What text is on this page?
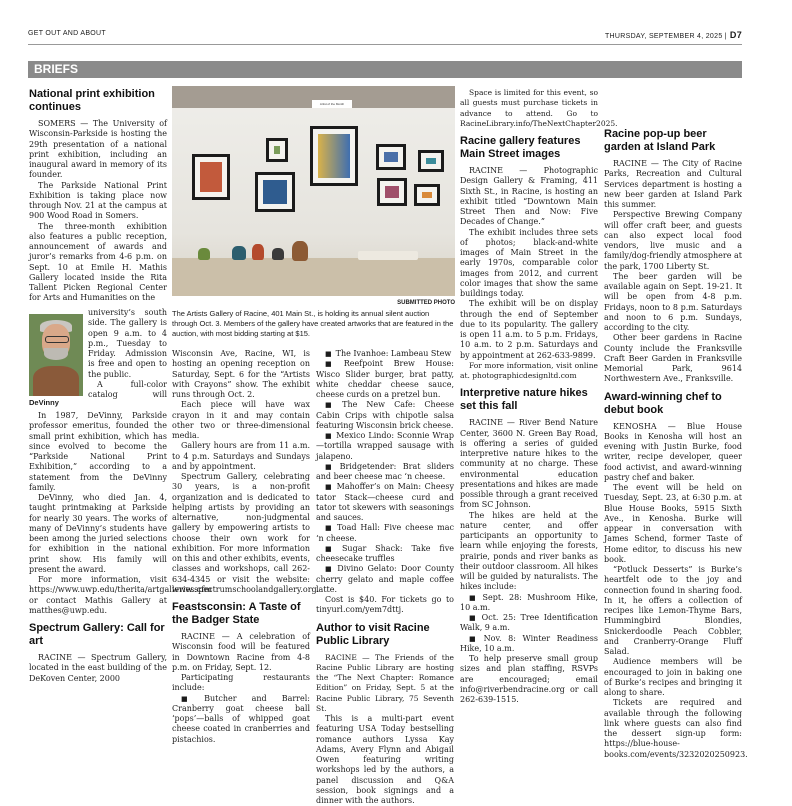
GET OUT AND ABOUT	THURSDAY, SEPTEMBER 4, 2025 | D7
BRIEFS
National print exhibition continues

SOMERS — The University of Wisconsin-Parkside is hosting the 29th presentation of a national print exhibition, including an inaugural award in memory of its founder.

The Parkside National Print Exhibition is taking place now through Nov. 21 at the campus at 900 Wood Road in Somers.

The three-month exhibition also features a public reception, announcement of awards and juror’s remarks from 4-6 p.m. on Sept. 10 at Emile H. Mathis Gallery located inside the Rita Tallent Picken Regional Center for Arts and Humanities on the

university’s south side. The gallery is open 9 a.m. to 4 p.m., Tuesday to Friday. Admission is free and open to the public.

A full-color catalog will

DeVinny

In 1987, DeVinny, Parkside professor emeritus, founded the small print exhibition, which has since evolved to become the “Parkside National Print Exhibition,” according to a statement from the DeVinny family.

DeVinny, who died Jan. 4, taught printmaking at Parkside for nearly 30 years. The works of many of DeVinny’s students have been among the juried selections for exhibition in the national print show. His family will present the award.

For more information, visit https://www.uwp.edu/therita/artgalleries.cfm or contact Mathis Gallery at matthes@uwp.edu.

Spectrum Gallery: Call for art

RACINE — Spectrum Gallery, located in the east building of the DeKoven Center, 2000

Artist of the Month
SUBMITTED PHOTO
The Artists Gallery of Racine, 401 Main St., is holding its annual silent auction through Oct. 3. Members of the gallery have created artworks that are featured in the auction, with most bidding starting at $15.

Wisconsin Ave, Racine, WI, is hosting an opening reception on Saturday, Sept. 6 for the “Artists with Crayons” show. The exhibit runs through Oct. 2.

Each piece will have wax crayon in it and may contain other two or three-dimensional media.

Gallery hours are from 11 a.m. to 4 p.m. Saturdays and Sundays and by appointment.

Spectrum Gallery, celebrating 30 years, is a non-profit organization and is dedicated to helping artists by providing an alternative, non-judgmental gallery by empowering artists to choose their own work for exhibition. For more information on this and other exhibits, events, classes and workshops, call 262-634-4345 or visit the website: www.spectrumschoolandgallery.org.

Feastsconsin: A Taste of the Badger State

RACINE — A celebration of Wisconsin food will be featured in Downtown Racine from 4-8 p.m. on Friday, Sept. 12.

Participating restaurants include:

■ Butcher and Barrel: Cranberry goat cheese ball ‘pops’—balls of whipped goat cheese coated in cranberries and pistachios.

■ The Ivanhoe: Lambeau Stew

■ Reefpoint Brew House: Wisco Slider burger, brat patty, white cheddar cheese sauce, cheese curds on a pretzel bun.

■ The New Cafe: Cheese Cabin Crips with chipotle salsa featuring Wisconsin brick cheese.

■ Mexico Lindo: Sconnie Wrap—tortilla wrapped sausage with jalapeno.

■ Bridgetender: Brat sliders and beer cheese mac ‘n cheese.

■ Mahoffer’s on Main: Cheesy tator Stack—cheese curd and tator tot skewers with seasonings and sauces.

■ Toad Hall: Five cheese mac ‘n cheese.

■ Sugar Shack: Take five cheesecake truffles

■ Divino Gelato: Door County cherry gelato and maple coffee latte.

Cost is $40. For tickets go to tinyurl.com/yem7dttj.

Author to visit Racine Public Library

RACINE — The Friends of the Racine Public Library are hosting the “The Next Chapter: Romance Edition” on Friday, Sept. 5 at the Racine Public Library, 75 Seventh St.

This is a multi-part event featuring USA Today bestselling romance authors Lyssa Kay Adams, Avery Flynn and Abigail Owen featuring writing workshops led by the authors, a panel discussion and Q&A session, book signings and a dinner with the authors.

Space is limited for this event, so all guests must purchase tickets in advance to attend. Go to RacineLibrary.info/TheNextChapter2025.

Racine gallery features Main Street images

RACINE — Photographic Design Gallery & Framing, 411 Sixth St., in Racine, is hosting an exhibit titled “Downtown Main Street Then and Now: Five Decades of Change.”

The exhibit includes three sets of photos; black-and-white images of Main Street in the early 1970s, comparable color images from 2012, and current color images that show the same buildings today.

The exhibit will be on display through the end of September due to its popularity. The gallery is open 11 a.m. to 5 p.m. Fridays, 10 a.m. to 2 p.m. Saturdays and by appointment at 262-633-9899.

For more information, visit online at. photographicdesignltd.com

Interpretive nature hikes set this fall

RACINE — River Bend Nature Center, 3600 N. Green Bay Road, is offering a series of guided interpretive nature hikes to the community at no charge. These environmental education presentations and hikes are made possible through a grant received from SC Johnson.

The hikes are held at the nature center, and offer participants an opportunity to learn while enjoying the forests, prairie, ponds and river banks as their outdoor classroom. All hikes will be guided by naturalists. The hikes include:

■ Sept. 28: Mushroom Hike, 10 a.m.

■ Oct. 25: Tree Identification Walk, 9 a.m.

■ Nov. 8: Winter Readiness Hike, 10 a.m.

To help preserve small group sizes and plan staffing, RSVPs are encouraged; email info@riverbendracine.org or call 262-639-1515.

Racine pop-up beer garden at Island Park

RACINE — The City of Racine Parks, Recreation and Cultural Services department is hosting a new beer garden at Island Park this summer.

Perspective Brewing Company will offer craft beer, and guests can also expect local food vendors, live music and a family/dog-friendly atmosphere at the park, 1700 Liberty St.

The beer garden will be available again on Sept. 19-21. It will be open from 4-8 p.m. Fridays, noon to 8 p.m. Saturdays and noon to 6 p.m. Sundays, according to the city.

Other beer gardens in Racine County include the Franksville Craft Beer Garden in Franksville Memorial Park, 9614 Northwestern Ave., Franksville.

Award-winning chef to debut book

KENOSHA — Blue House Books in Kenosha will host an evening with Justin Burke, food writer, recipe developer, queer food activist, and award-winning pastry chef and baker.

The event will be held on Tuesday, Sept. 23, at 6:30 p.m. at Blue House Books, 5915 Sixth Ave., in Kenosha. Burke will appear in conversation with James Schend, former Taste of Home editor, to discuss his new book.

“Potluck Desserts” is Burke’s heartfelt ode to the joy and connection found in sharing food. In it, he offers a collection of recipes like Lemon-Thyme Bars, Hummingbird Blondies, Snickerdoodle Peach Cobbler, and Cranberry-Orange Fluff Salad.

Audience members will be encouraged to join in baking one of Burke’s recipes and bringing it along to share.

Tickets are required and available through the following link where guests can also find the dessert sign-up form: https://blue-house-books.com/events/3232020250923.
